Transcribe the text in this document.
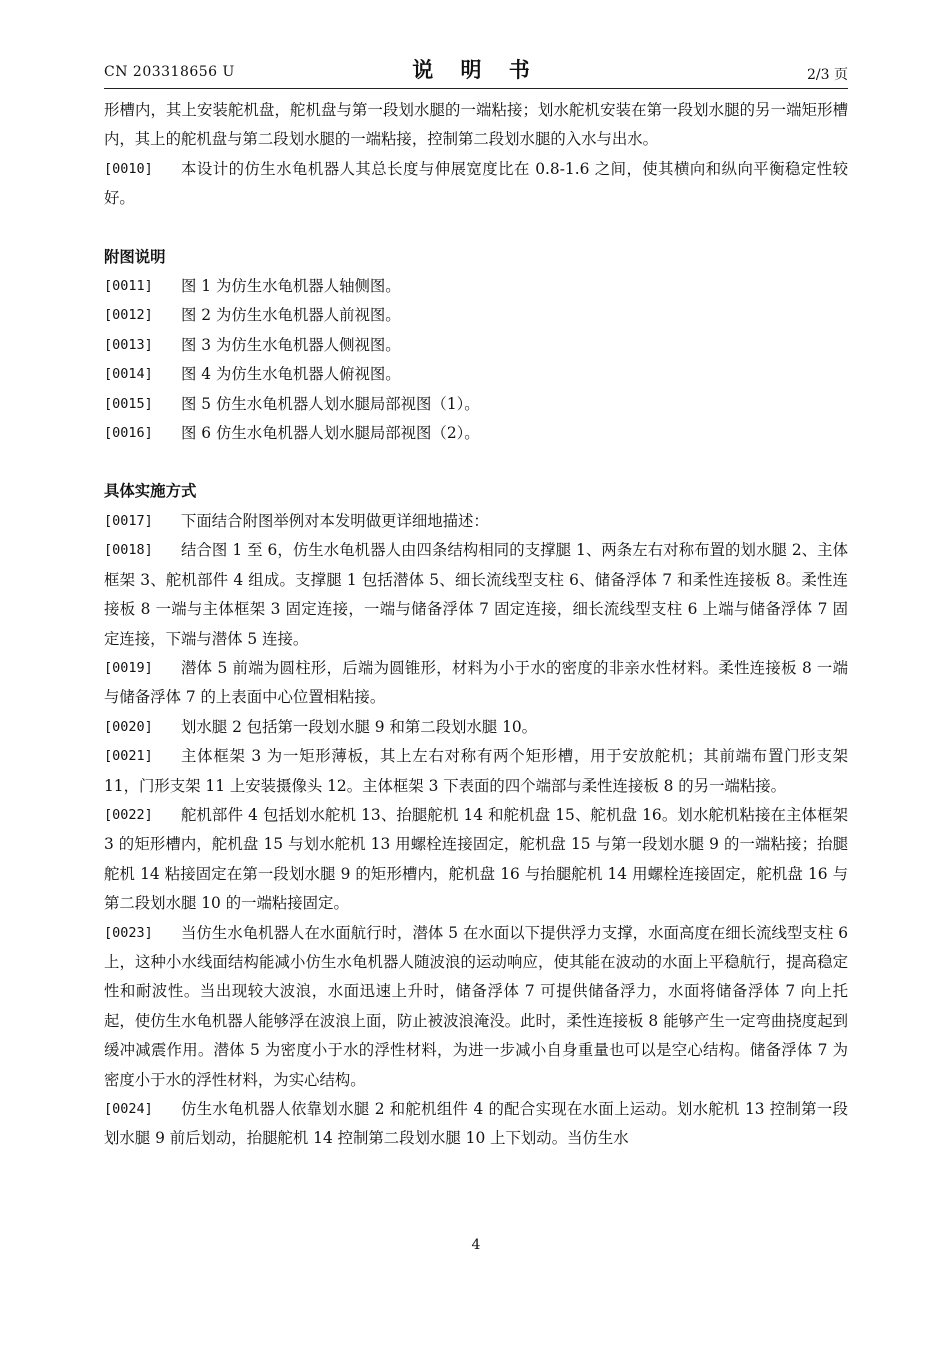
CN 203318656 U	说 明 书	2/3 页

形槽内，其上安装舵机盘，舵机盘与第一段划水腿的一端粘接；划水舵机安装在第一段划水腿的另一端矩形槽内，其上的舵机盘与第二段划水腿的一端粘接，控制第二段划水腿的入水与出水。

[0010]	本设计的仿生水龟机器人其总长度与伸展宽度比在 0.8-1.6 之间，使其横向和纵向平衡稳定性较好。
附图说明
[0011]	图 1 为仿生水龟机器人轴侧图。
[0012]	图 2 为仿生水龟机器人前视图。
[0013]	图 3 为仿生水龟机器人侧视图。
[0014]	图 4 为仿生水龟机器人俯视图。
[0015]	图 5 仿生水龟机器人划水腿局部视图（1）。
[0016]	图 6 仿生水龟机器人划水腿局部视图（2）。
具体实施方式
[0017]	下面结合附图举例对本发明做更详细地描述：
[0018]	结合图 1 至 6，仿生水龟机器人由四条结构相同的支撑腿 1、两条左右对称布置的划水腿 2、主体框架 3、舵机部件 4 组成。支撑腿 1 包括潜体 5、细长流线型支柱 6、储备浮体 7 和柔性连接板 8。柔性连接板 8 一端与主体框架 3 固定连接，一端与储备浮体 7 固定连接，细长流线型支柱 6 上端与储备浮体 7 固定连接，下端与潜体 5 连接。
[0019]	潜体 5 前端为圆柱形，后端为圆锥形，材料为小于水的密度的非亲水性材料。柔性连接板 8 一端与储备浮体 7 的上表面中心位置相粘接。
[0020]	划水腿 2 包括第一段划水腿 9 和第二段划水腿 10。
[0021]	主体框架 3 为一矩形薄板，其上左右对称有两个矩形槽，用于安放舵机；其前端布置门形支架 11，门形支架 11 上安装摄像头 12。主体框架 3 下表面的四个端部与柔性连接板 8 的另一端粘接。
[0022]	舵机部件 4 包括划水舵机 13、抬腿舵机 14 和舵机盘 15、舵机盘 16。划水舵机粘接在主体框架 3 的矩形槽内，舵机盘 15 与划水舵机 13 用螺栓连接固定，舵机盘 15 与第一段划水腿 9 的一端粘接；抬腿舵机 14 粘接固定在第一段划水腿 9 的矩形槽内，舵机盘 16 与抬腿舵机 14 用螺栓连接固定，舵机盘 16 与第二段划水腿 10 的一端粘接固定。
[0023]	当仿生水龟机器人在水面航行时，潜体 5 在水面以下提供浮力支撑，水面高度在细长流线型支柱 6 上，这种小水线面结构能减小仿生水龟机器人随波浪的运动响应，使其能在波动的水面上平稳航行，提高稳定性和耐波性。当出现较大波浪，水面迅速上升时，储备浮体 7 可提供储备浮力，水面将储备浮体 7 向上托起，使仿生水龟机器人能够浮在波浪上面，防止被波浪淹没。此时，柔性连接板 8 能够产生一定弯曲挠度起到缓冲减震作用。潜体 5 为密度小于水的浮性材料，为进一步减小自身重量也可以是空心结构。储备浮体 7 为密度小于水的浮性材料，为实心结构。
[0024]	仿生水龟机器人依靠划水腿 2 和舵机组件 4 的配合实现在水面上运动。划水舵机 13 控制第一段划水腿 9 前后划动，抬腿舵机 14 控制第二段划水腿 10 上下划动。当仿生水
4
